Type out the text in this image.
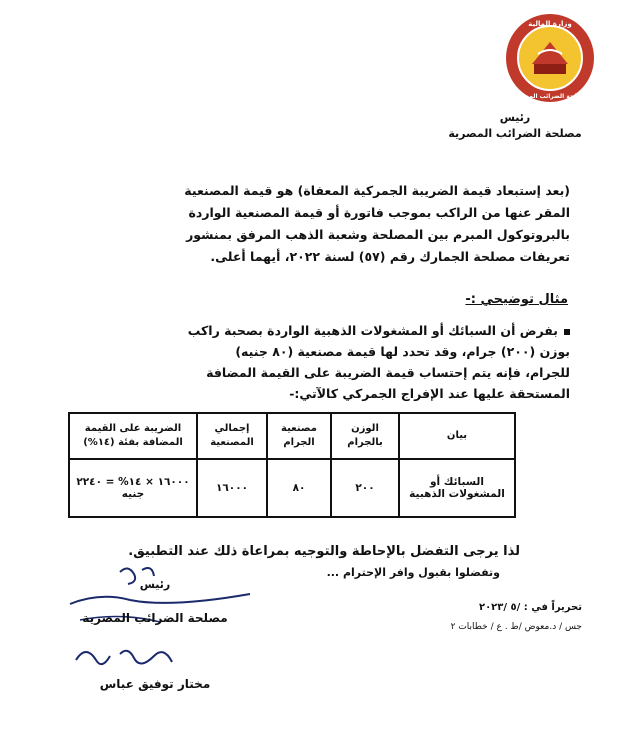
وزارة المالية
مصلحة الضرائب المصرية
رئيس
مصلحة الضرائب المصرية
(بعد إستبعاد قيمة الضريبة الجمركية المعفاة) هو قيمة المصنعية
المقر عنها من الراكب بموجب فاتورة أو قيمة المصنعية الواردة
بالبروتوكول المبرم بين المصلحة وشعبة الذهب المرفق بمنشور
تعريفات مصلحة الجمارك رقم (٥٧) لسنة ٢٠٢٢، أيهما أعلى.
مثال توضيحي :-
بفرض أن السبائك أو المشغولات الذهبية الواردة بصحبة راكب
بوزن (٢٠٠) جرام، وقد تحدد لها قيمة مصنعية (٨٠ جنيه)
للجرام، فإنه يتم إحتساب قيمة الضريبة على القيمة المضافة
المستحقة عليها عند الإفراج الجمركي كالآتي:-
بيان	الوزن بالجرام	مصنعية الجرام	إجمالي المصنعية	الضريبة على القيمة المضافة بفئة (١٤%)
السبائك أو المشغولات الذهبية	٢٠٠	٨٠	١٦٠٠٠	١٦٠٠٠ × ١٤% = ٢٢٤٠ جنيه
لذا يرجى التفضل بالإحاطة والتوجيه بمراعاة ذلك عند التطبيق.
وتفضلوا بقبول وافر الإحترام ...
رئيس
مصلحة الضرائب المصرية
مختار توفيق عباس
تحريراً في : /٥ /٢٠٢٣
جس / د.معوض /ط . ع / خطابات ٢
